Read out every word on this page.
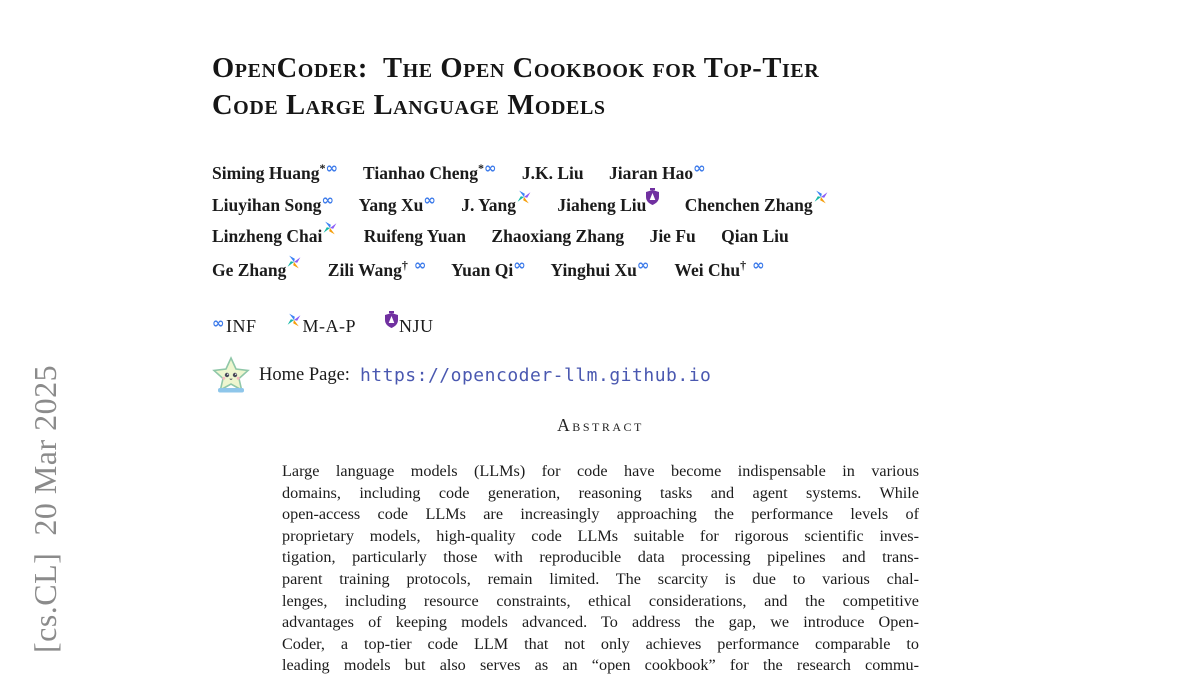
[cs.CL]  20 Mar 2025
OpenCoder:  The Open Cookbook for Top-Tier
Code Large Language Models
Siming Huang*∞ Tianhao Cheng*∞ J.K. Liu Jiaran Hao∞
Liuyihan Song∞ Yang Xu∞ J. Yang Jiaheng Liu Chenchen Zhang
Linzheng Chai Ruifeng Yuan Zhaoxiang Zhang Jie Fu Qian Liu
Ge Zhang Zili Wang† ∞ Yuan Qi∞ Yinghui Xu∞ Wei Chu† ∞
∞INF	M-A-P NJU
Home Page: https://opencoder-llm.github.io
Abstract
Large language models (LLMs) for code have become indispensable in various
domains, including code generation, reasoning tasks and agent systems. While
open-access code LLMs are increasingly approaching the performance levels of
proprietary models, high-quality code LLMs suitable for rigorous scientific inves-
tigation, particularly those with reproducible data processing pipelines and trans-
parent training protocols, remain limited. The scarcity is due to various chal-
lenges, including resource constraints, ethical considerations, and the competitive
advantages of keeping models advanced. To address the gap, we introduce Open-
Coder, a top-tier code LLM that not only achieves performance comparable to
leading models but also serves as an “open cookbook” for the research commu-
